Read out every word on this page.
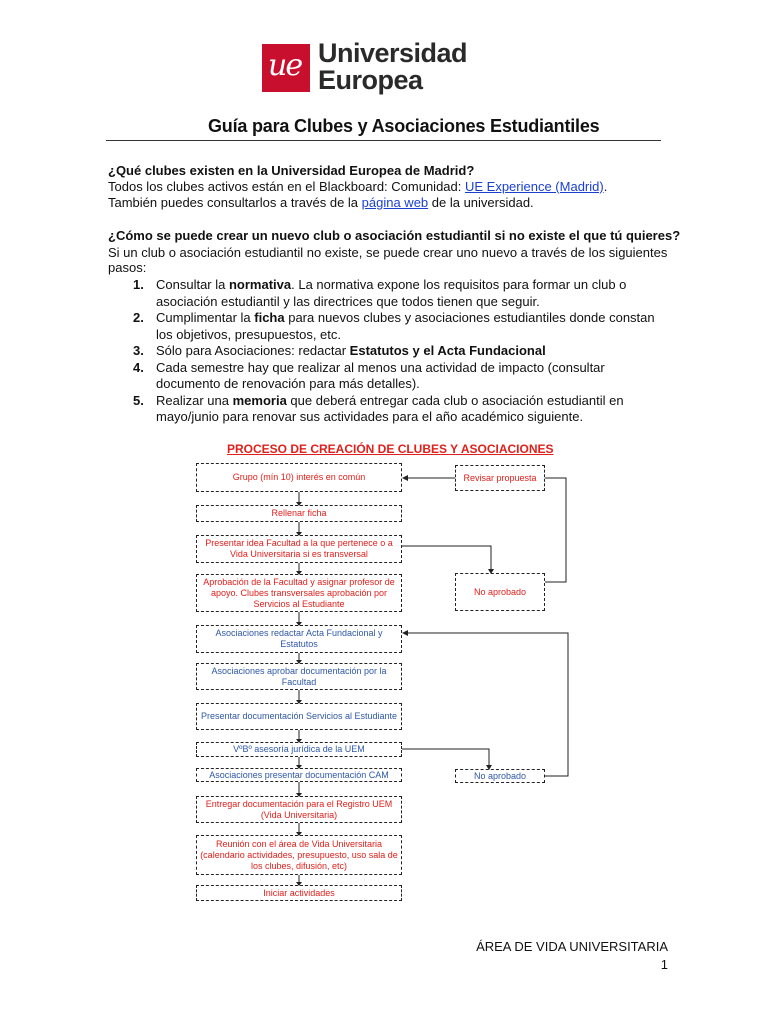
ue Universidad
Europea
Guía para Clubes y Asociaciones Estudiantiles
¿Qué clubes existen en la Universidad Europea de Madrid?
Todos los clubes activos están en el Blackboard: Comunidad: UE Experience (Madrid).
También puedes consultarlos a través de la página web de la universidad.
¿Cómo se puede crear un nuevo club o asociación estudiantil si no existe el que tú quieres?
Si un club o asociación estudiantil no existe, se puede crear uno nuevo a través de los siguientes
pasos:
1. Consultar la normativa. La normativa expone los requisitos para formar un club o
asociación estudiantil y las directrices que todos tienen que seguir.
2. Cumplimentar la ficha para nuevos clubes y asociaciones estudiantiles donde constan
los objetivos, presupuestos, etc.
3. Sólo para Asociaciones: redactar Estatutos y el Acta Fundacional
4. Cada semestre hay que realizar al menos una actividad de impacto (consultar
documento de renovación para más detalles).
5. Realizar una memoria que deberá entregar cada club o asociación estudiantil en
mayo/junio para renovar sus actividades para el año académico siguiente.
PROCESO DE CREACIÓN DE CLUBES Y ASOCIACIONES
Grupo (mín 10) interés en común
Rellenar ficha
Presentar idea Facultad a la que pertenece o a Vida Universitaria si es transversal
Aprobación de la Facultad y asignar profesor de apoyo. Clubes transversales aprobación por Servicios al Estudiante
Asociaciones redactar Acta Fundacional y Estatutos
Asociaciones aprobar documentación por la Facultad
Presentar documentación Servicios al Estudiante
VºBº asesoría jurídica de la UEM
Asociaciones presentar documentación CAM
Entregar documentación para el Registro UEM (Vida Universitaria)
Reunión con el área de Vida Universitaria (calendario actividades, presupuesto, uso sala de los clubes, difusión, etc)
Iniciar actividades
Revisar propuesta
No aprobado
No aprobado
ÁREA DE VIDA UNIVERSITARIA
1
